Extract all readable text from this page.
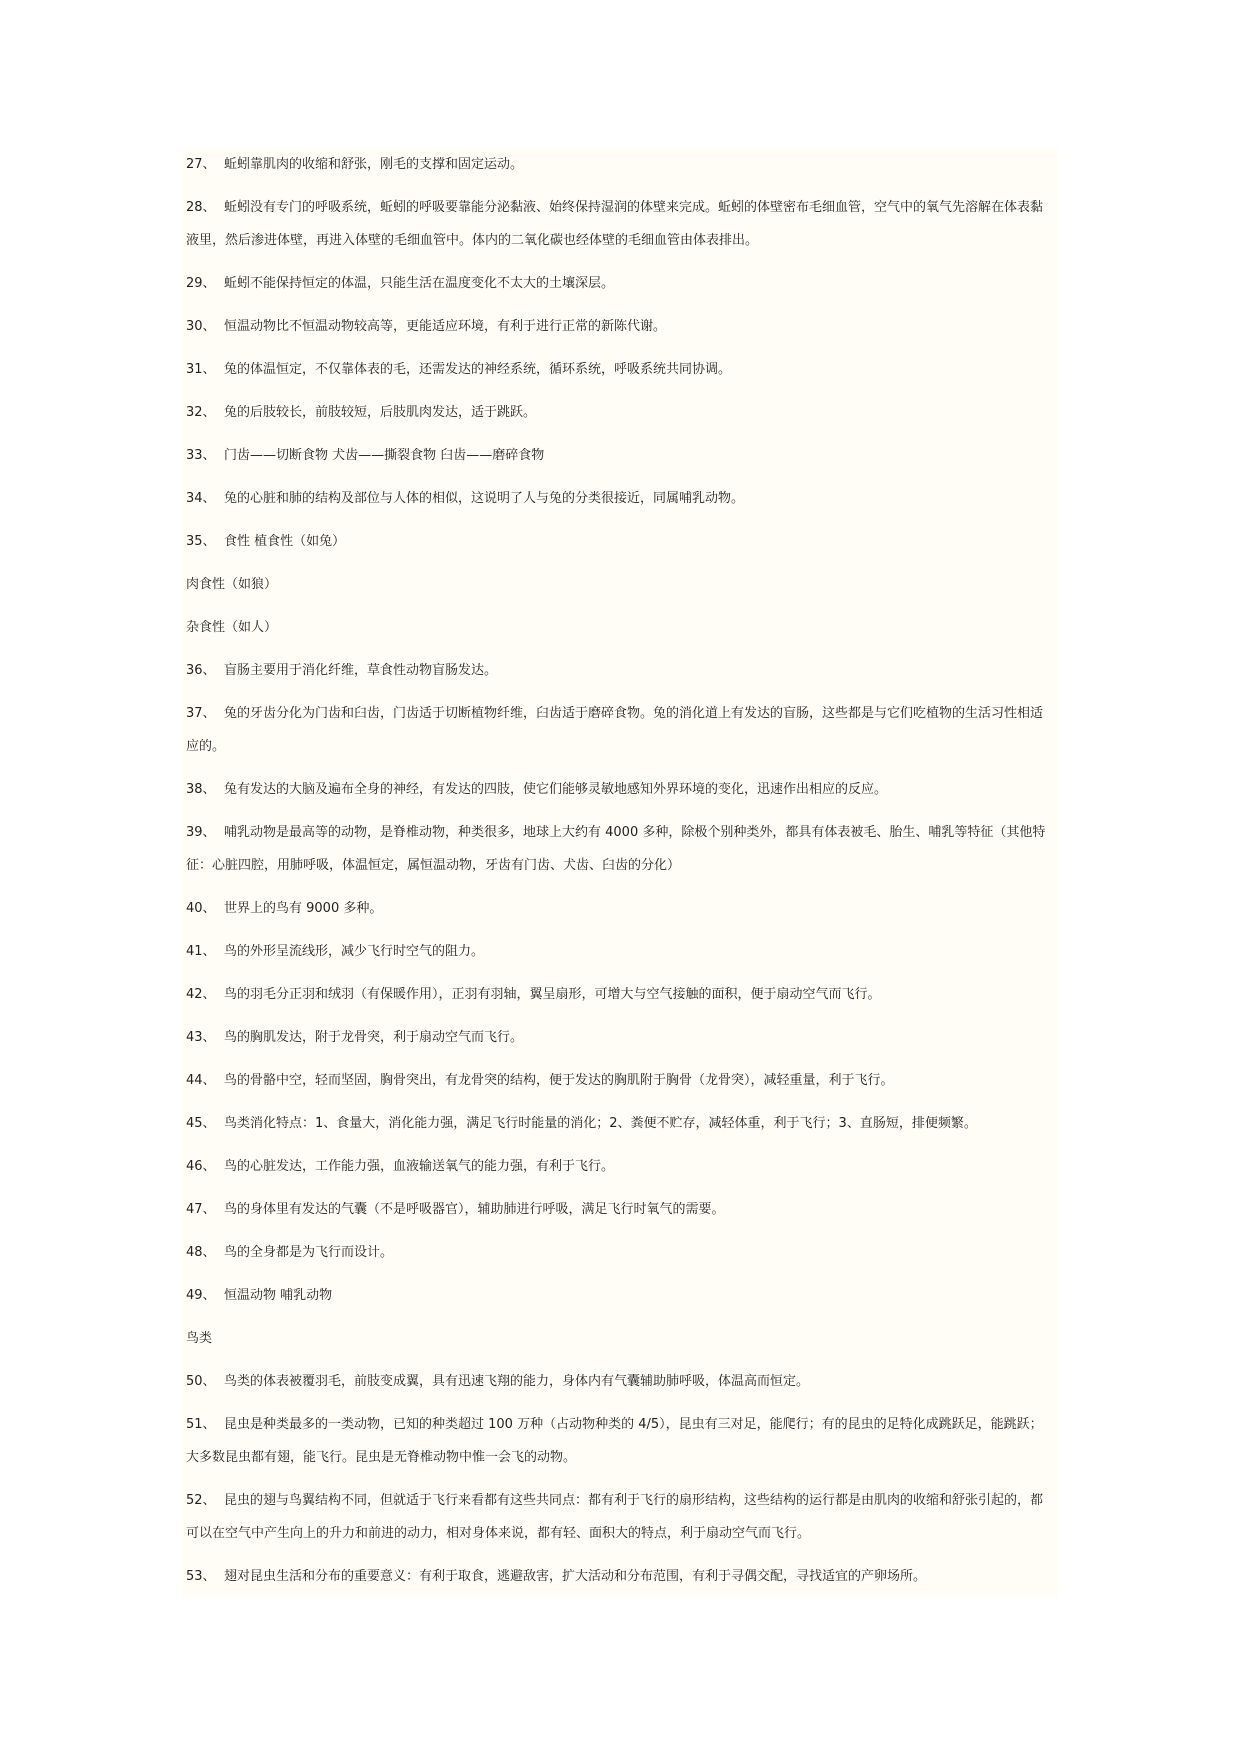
27、 蚯蚓靠肌肉的收缩和舒张，刚毛的支撑和固定运动。

28、 蚯蚓没有专门的呼吸系统，蚯蚓的呼吸要靠能分泌黏液、始终保持湿润的体壁来完成。蚯蚓的体壁密布毛细血管，空气中的氧气先溶解在体表黏液里，然后渗进体壁，再进入体壁的毛细血管中。体内的二氧化碳也经体壁的毛细血管由体表排出。

29、 蚯蚓不能保持恒定的体温，只能生活在温度变化不太大的土壤深层。

30、 恒温动物比不恒温动物较高等，更能适应环境，有利于进行正常的新陈代谢。

31、 兔的体温恒定，不仅靠体表的毛，还需发达的神经系统，循环系统，呼吸系统共同协调。

32、 兔的后肢较长，前肢较短，后肢肌肉发达，适于跳跃。

33、 门齿——切断食物 犬齿——撕裂食物 臼齿——磨碎食物

34、 兔的心脏和肺的结构及部位与人体的相似，这说明了人与兔的分类很接近，同属哺乳动物。

35、 食性 植食性（如兔）

肉食性（如狼）

杂食性（如人）

36、 盲肠主要用于消化纤维，草食性动物盲肠发达。

37、 兔的牙齿分化为门齿和臼齿，门齿适于切断植物纤维，臼齿适于磨碎食物。兔的消化道上有发达的盲肠，这些都是与它们吃植物的生活习性相适应的。

38、 兔有发达的大脑及遍布全身的神经，有发达的四肢，使它们能够灵敏地感知外界环境的变化，迅速作出相应的反应。

39、 哺乳动物是最高等的动物，是脊椎动物，种类很多，地球上大约有 4000 多种，除极个别种类外，都具有体表被毛、胎生、哺乳等特征（其他特征：心脏四腔，用肺呼吸，体温恒定，属恒温动物，牙齿有门齿、犬齿、臼齿的分化）

40、 世界上的鸟有 9000 多种。

41、 鸟的外形呈流线形，减少飞行时空气的阻力。

42、 鸟的羽毛分正羽和绒羽（有保暖作用），正羽有羽轴，翼呈扇形，可增大与空气接触的面积，便于扇动空气而飞行。

43、 鸟的胸肌发达，附于龙骨突，利于扇动空气而飞行。

44、 鸟的骨骼中空，轻而坚固，胸骨突出，有龙骨突的结构，便于发达的胸肌附于胸骨（龙骨突），减轻重量，利于飞行。

45、 鸟类消化特点：1、食量大，消化能力强，满足飞行时能量的消化；2、粪便不贮存，减轻体重，利于飞行；3、直肠短，排便频繁。

46、 鸟的心脏发达，工作能力强，血液输送氧气的能力强，有利于飞行。

47、 鸟的身体里有发达的气囊（不是呼吸器官），辅助肺进行呼吸，满足飞行时氧气的需要。

48、 鸟的全身都是为飞行而设计。

49、 恒温动物 哺乳动物

鸟类

50、 鸟类的体表被覆羽毛，前肢变成翼，具有迅速飞翔的能力，身体内有气囊辅助肺呼吸，体温高而恒定。

51、 昆虫是种类最多的一类动物，已知的种类超过 100 万种（占动物种类的 4/5），昆虫有三对足，能爬行；有的昆虫的足特化成跳跃足，能跳跃；大多数昆虫都有翅，能飞行。昆虫是无脊椎动物中惟一会飞的动物。

52、 昆虫的翅与鸟翼结构不同，但就适于飞行来看都有这些共同点：都有利于飞行的扇形结构，这些结构的运行都是由肌肉的收缩和舒张引起的，都可以在空气中产生向上的升力和前进的动力，相对身体来说，都有轻、面积大的特点，利于扇动空气而飞行。

53、 翅对昆虫生活和分布的重要意义：有利于取食，逃避敌害，扩大活动和分布范围，有利于寻偶交配，寻找适宜的产卵场所。
